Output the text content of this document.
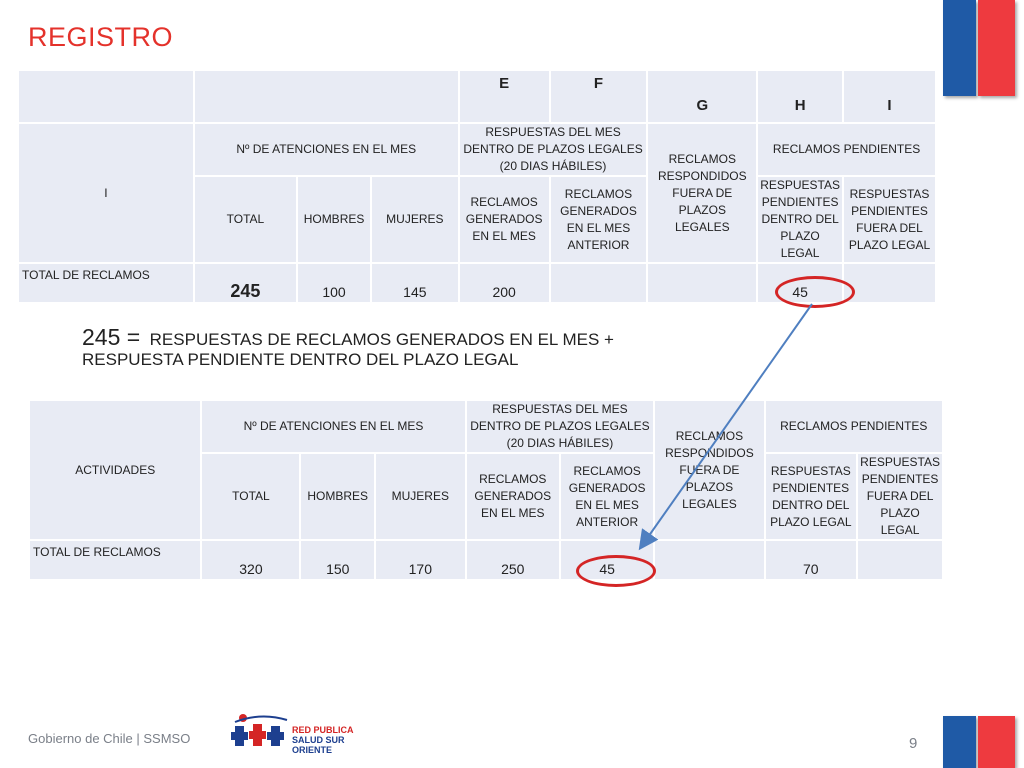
REGISTRO
				E	F	G	H	I
I	Nº DE ATENCIONES EN EL MES			RESPUESTAS DEL MES DENTRO DE PLAZOS LEGALES (20 DIAS HÁBILES)		RECLAMOS RESPONDIDOS FUERA DE PLAZOS LEGALES	RECLAMOS PENDIENTES	
	TOTAL	HOMBRES	MUJERES	RECLAMOS GENERADOS EN EL MES	RECLAMOS GENERADOS EN EL MES ANTERIOR		RESPUESTAS PENDIENTES DENTRO DEL PLAZO LEGAL	RESPUESTAS PENDIENTES FUERA DEL PLAZO LEGAL
TOTAL DE RECLAMOS	245	100	145	200			45	
245 = RESPUESTAS DE RECLAMOS GENERADOS EN EL MES +
RESPUESTA PENDIENTE DENTRO DEL PLAZO LEGAL
ACTIVIDADES	Nº DE ATENCIONES EN EL MES			RESPUESTAS DEL MES DENTRO DE PLAZOS LEGALES (20 DIAS HÁBILES)		RECLAMOS RESPONDIDOS FUERA DE PLAZOS LEGALES	RECLAMOS PENDIENTES	
	TOTAL	HOMBRES	MUJERES	RECLAMOS GENERADOS EN EL MES	RECLAMOS GENERADOS EN EL MES ANTERIOR		RESPUESTAS PENDIENTES DENTRO DEL PLAZO LEGAL	RESPUESTAS PENDIENTES FUERA DEL PLAZO LEGAL
TOTAL DE RECLAMOS	320	150	170	250	45		70	
Gobierno de Chile | SSMSO
RED PUBLICA
SALUD SUR ORIENTE	9
